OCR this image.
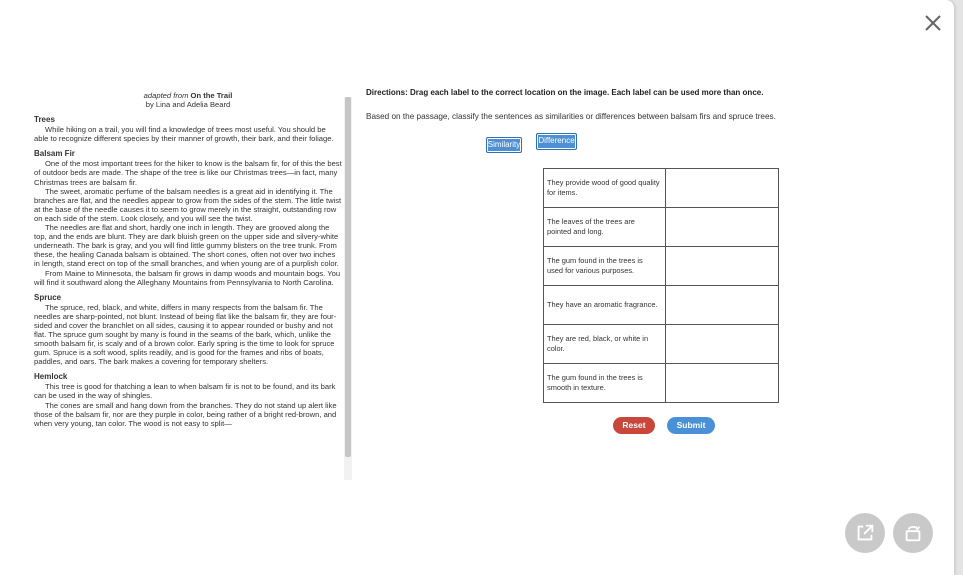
adapted from On the Trail
by Lina and Adelia Beard
Trees

While hiking on a trail, you will find a knowledge of trees most useful. You should be able to recognize different species by their manner of growth, their bark, and their foliage.

Balsam Fir

One of the most important trees for the hiker to know is the balsam fir, for of this the best of outdoor beds are made. The shape of the tree is like our Christmas trees—in fact, many Christmas trees are balsam fir.
The sweet, aromatic perfume of the balsam needles is a great aid in identifying it. The branches are flat, and the needles appear to grow from the sides of the stem. The little twist at the base of the needle causes it to seem to grow merely in the straight, outstanding row on each side of the stem. Look closely, and you will see the twist.
The needles are flat and short, hardly one inch in length. They are grooved along the top, and the ends are blunt. They are dark bluish green on the upper side and silvery-white underneath. The bark is gray, and you will find little gummy blisters on the tree trunk. From these, the healing Canada balsam is obtained. The short cones, often not over two inches in length, stand erect on top of the small branches, and when young are of a purplish color.
From Maine to Minnesota, the balsam fir grows in damp woods and mountain bogs. You will find it southward along the Alleghany Mountains from Pennsylvania to North Carolina.

Spruce

The spruce, red, black, and white, differs in many respects from the balsam fir. The needles are sharp-pointed, not blunt. Instead of being flat like the balsam fir, they are four-sided and cover the branchlet on all sides, causing it to appear rounded or bushy and not flat. The spruce gum sought by many is found in the seams of the bark, which, unlike the smooth balsam fir, is scaly and of a brown color. Early spring is the time to look for spruce gum. Spruce is a soft wood, splits readily, and is good for the frames and ribs of boats, paddles, and oars. The bark makes a covering for temporary shelters.

Hemlock

This tree is good for thatching a lean to when balsam fir is not to be found, and its bark can be used in the way of shingles.
The cones are small and hang down from the branches. They do not stand up alert like those of the balsam fir, nor are they purple in color, being rather of a bright red-brown, and when very young, tan color. The wood is not easy to split—

Directions: Drag each label to the correct location on the image. Each label can be used more than once.
Based on the passage, classify the sentences as similarities or differences between balsam firs and spruce trees.
Similarity Difference
They provide wood of good quality for items.	
The leaves of the trees are pointed and long.	
The gum found in the trees is used for various purposes.	
They have an aromatic fragrance.	
They are red, black, or white in color.	
The gum found in the trees is smooth in texture.	
Reset	Submit
